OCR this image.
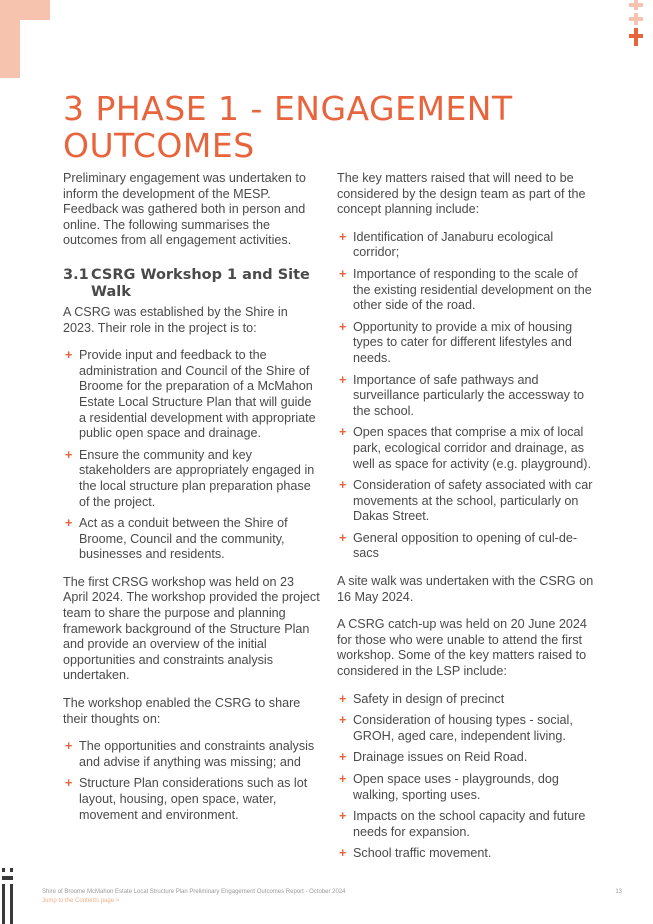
3 PHASE 1 - ENGAGEMENT OUTCOMES

Preliminary engagement was undertaken to inform the development of the MESP. Feedback was gathered both in person and online. The following summarises the outcomes from all engagement activities.

3.1 CSRG Workshop 1 and Site Walk

A CSRG was established by the Shire in 2023. Their role in the project is to:

+ Provide input and feedback to the administration and Council of the Shire of Broome for the preparation of a McMahon Estate Local Structure Plan that will guide a residential development with appropriate public open space and drainage.
+ Ensure the community and key stakeholders are appropriately engaged in the local structure plan preparation phase of the project.
+ Act as a conduit between the Shire of Broome, Council and the community, businesses and residents.

The first CRSG workshop was held on 23 April 2024. The workshop provided the project team to share the purpose and planning framework background of the Structure Plan and provide an overview of the initial opportunities and constraints analysis undertaken.

The workshop enabled the CSRG to share their thoughts on:

+ The opportunities and constraints analysis and advise if anything was missing; and
+ Structure Plan considerations such as lot layout, housing, open space, water, movement and environment.

The key matters raised that will need to be considered by the design team as part of the concept planning include:

+ Identification of Janaburu ecological corridor;
+ Importance of responding to the scale of the existing residential development on the other side of the road.
+ Opportunity to provide a mix of housing types to cater for different lifestyles and needs.
+ Importance of safe pathways and surveillance particularly the accessway to the school.
+ Open spaces that comprise a mix of local park, ecological corridor and drainage, as well as space for activity (e.g. playground).
+ Consideration of safety associated with car movements at the school, particularly on Dakas Street.
+ General opposition to opening of cul-de-sacs

A site walk was undertaken with the CSRG on 16 May 2024.

A CSRG catch-up was held on 20 June 2024 for those who were unable to attend the first workshop. Some of the key matters raised to considered in the LSP include:

+ Safety in design of precinct
+ Consideration of housing types - social, GROH, aged care, independent living.
+ Drainage issues on Reid Road.
+ Open space uses - playgrounds, dog walking, sporting uses.
+ Impacts on the school capacity and future needs for expansion.
+ School traffic movement.
Shire of Broome McMahon Estate Local Structure Plan Preliminary Engagement Outcomes Report - October 2024	13
Jump to the Contents page >
